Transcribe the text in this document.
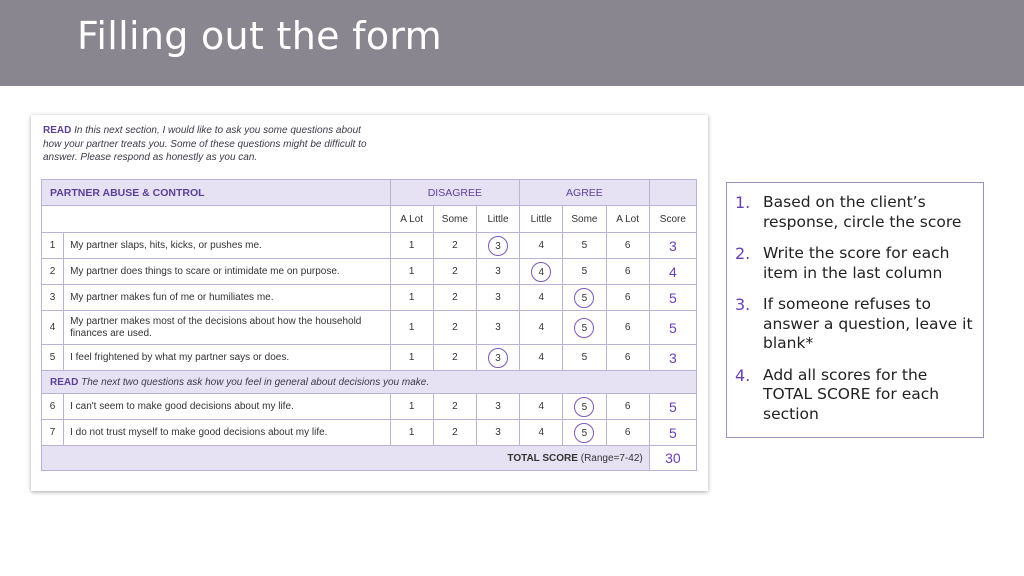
Filling out the form
READ In this next section, I would like to ask you some questions about how your partner treats you. Some of these questions might be difficult to answer. Please respond as honestly as you can.
PARTNER ABUSE & CONTROL		DISAGREE			AGREE			
		A Lot	Some	Little	Little	Some	A Lot	Score
1	My partner slaps, hits, kicks, or pushes me.	1	2	3	4	5	6	3
2	My partner does things to scare or intimidate me on purpose.	1	2	3	4	5	6	4
3	My partner makes fun of me or humiliates me.	1	2	3	4	5	6	5
4	My partner makes most of the decisions about how the household finances are used.	1	2	3	4	5	6	5
5	I feel frightened by what my partner says or does.	1	2	3	4	5	6	3
READ The next two questions ask how you feel in general about decisions you make.								
6	I can't seem to make good decisions about my life.	1	2	3	4	5	6	5
7	I do not trust myself to make good decisions about my life.	1	2	3	4	5	6	5
TOTAL SCORE (Range=7-42)								30
1. Based on the client’s response, circle the score
2. Write the score for each item in the last column
3. If someone refuses to answer a question, leave it blank*
4. Add all scores for the TOTAL SCORE for each section
